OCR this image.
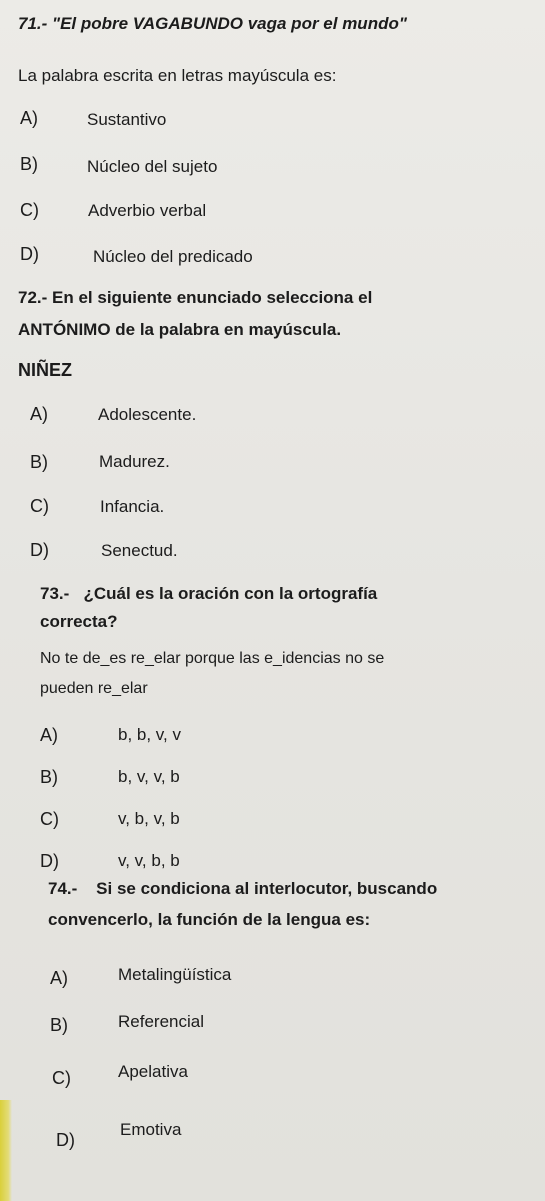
71.- "El pobre VAGABUNDO vaga por el mundo"
La palabra escrita en letras mayúscula es:
A)	Sustantivo
B)	Núcleo del sujeto
C)	Adverbio verbal
D)	Núcleo del predicado
72.- En el siguiente enunciado selecciona el
ANTÓNIMO de la palabra en mayúscula.
NIÑEZ
A)	Adolescente.
B)	Madurez.
C)	Infancia.
D)	Senectud.
73.-   ¿Cuál es la oración con la ortografía
correcta?
No te de_es re_elar porque las e_idencias no se
pueden re_elar
A)	b, b, v, v
B)	b, v, v, b
C)	v, b, v, b
D)	v, v, b, b
74.-    Si se condiciona al interlocutor, buscando
convencerlo, la función de la lengua es:
A)	Metalingüística
B)	Referencial
C)	Apelativa
D)
Emotiva
